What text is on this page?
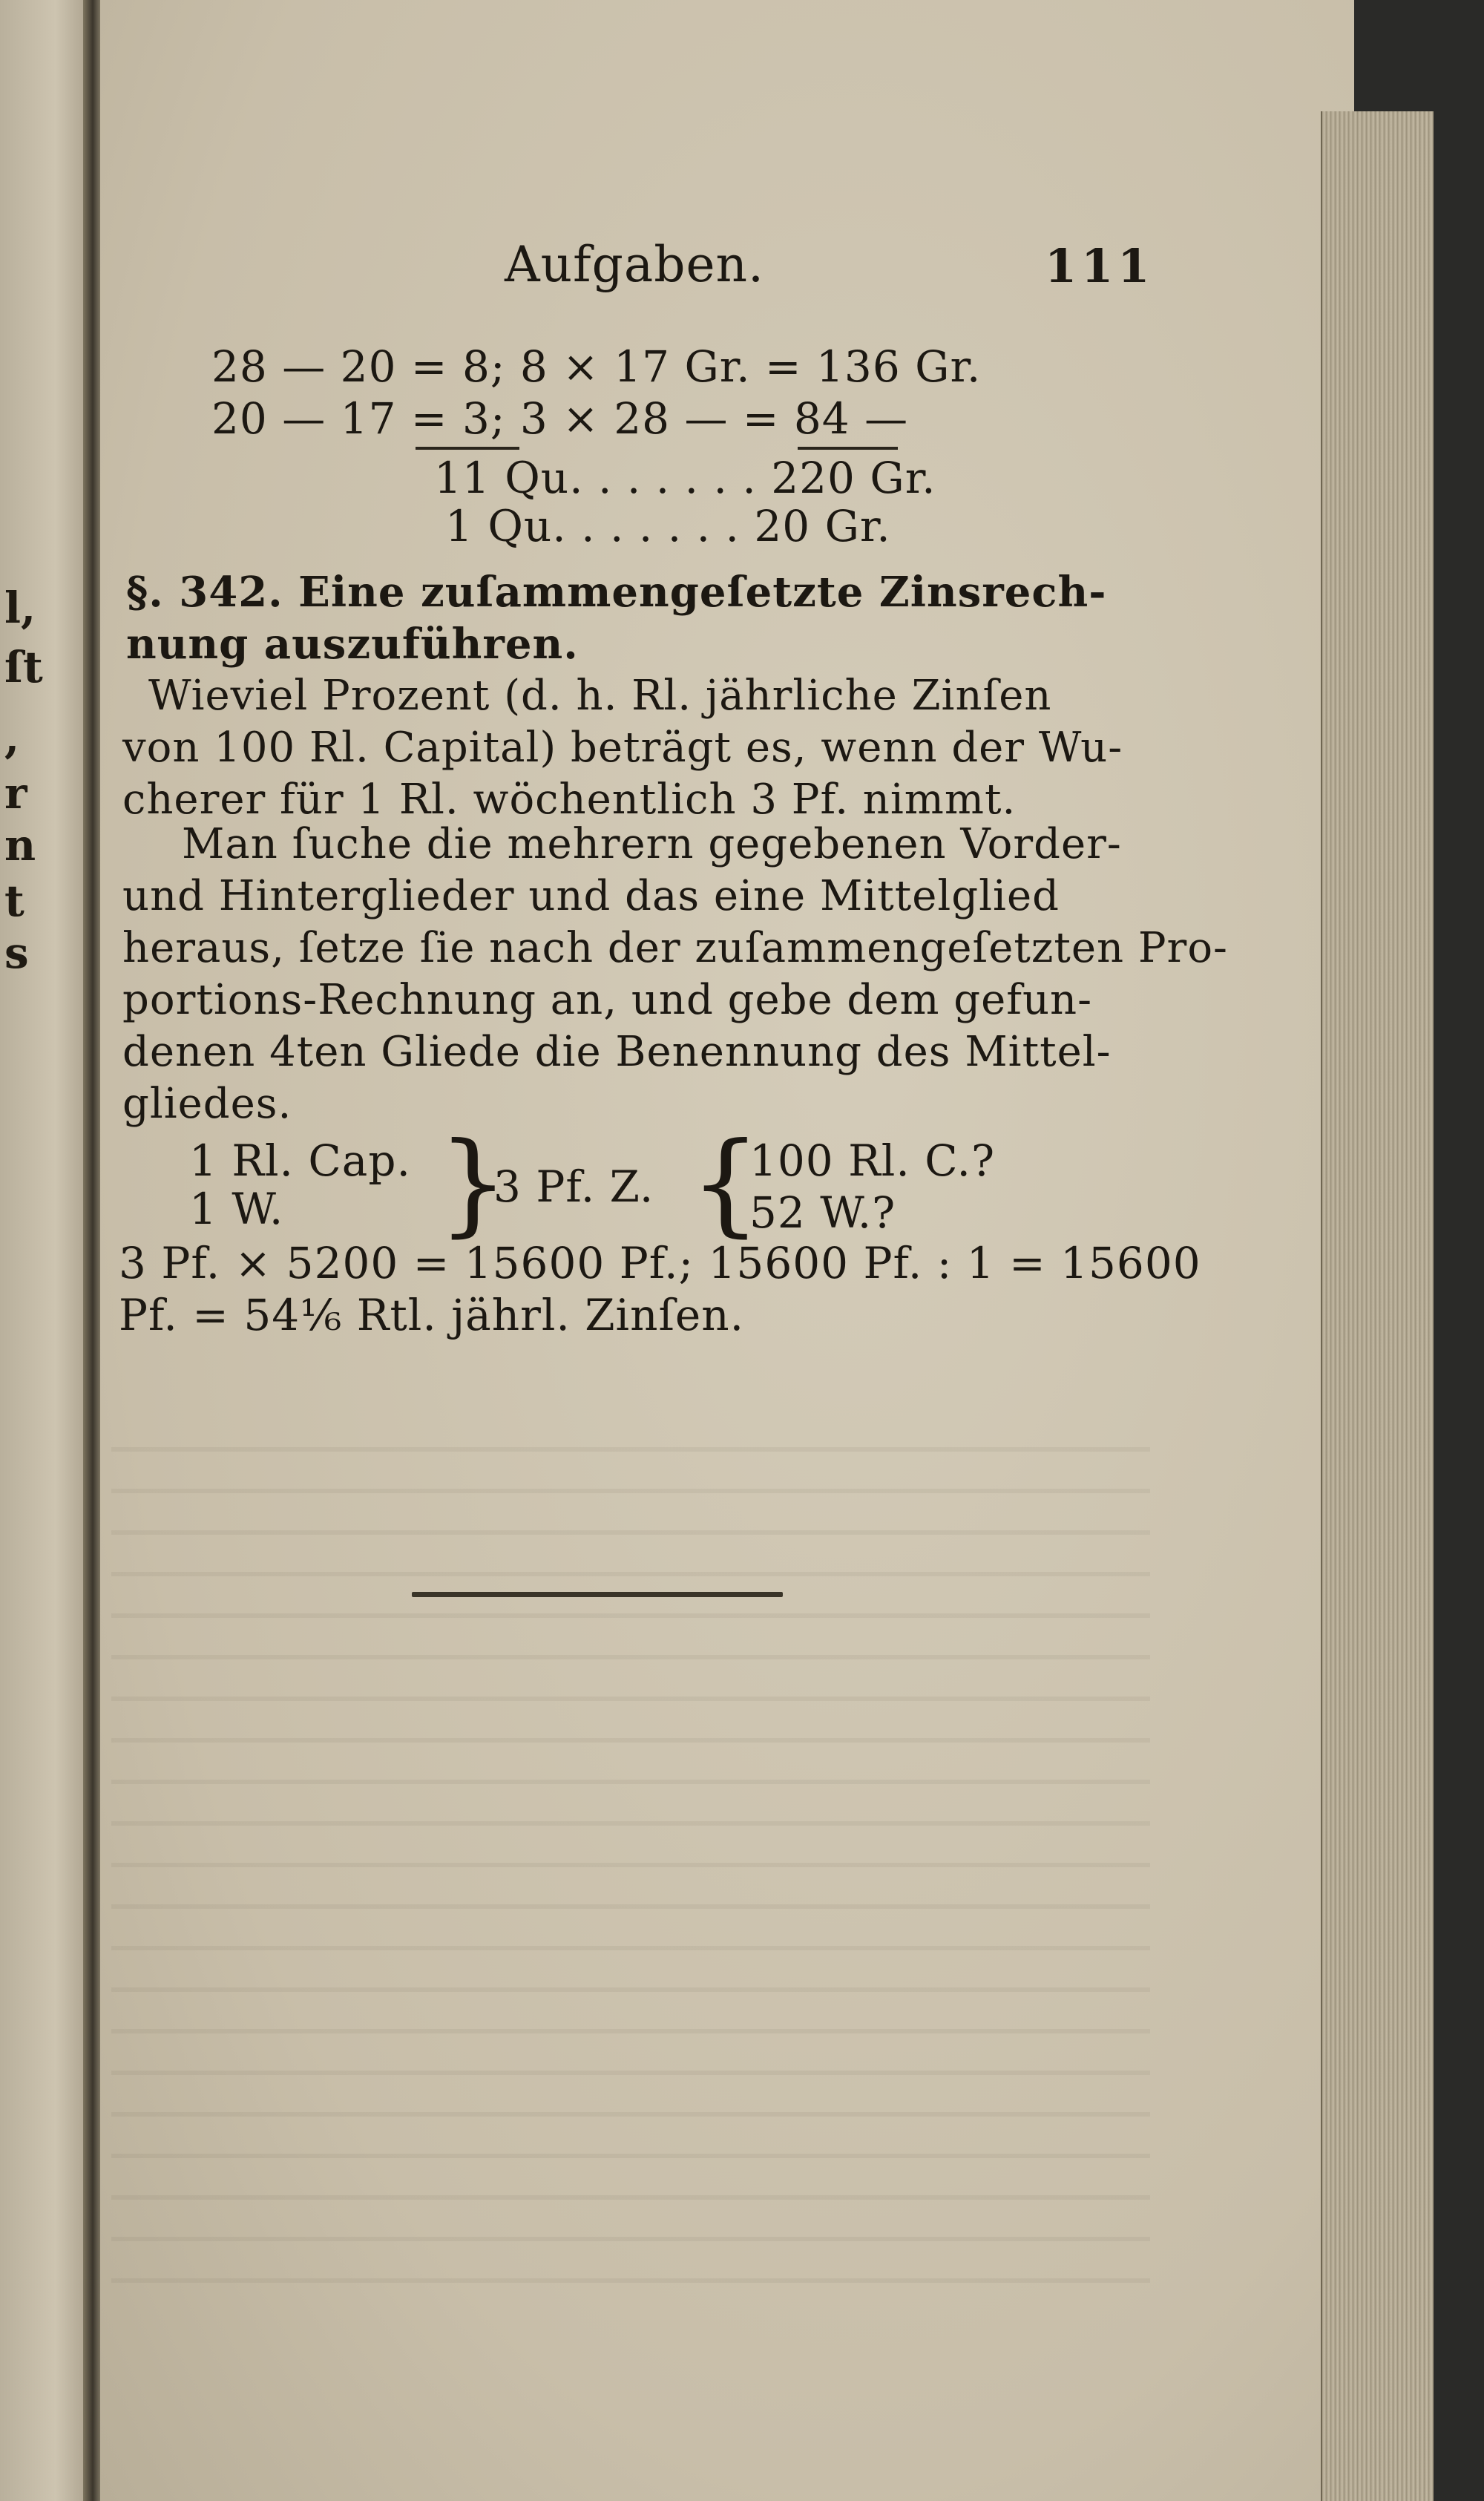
l,
ſt
,
r
n
t
s
Aufgaben.	111
28 — 20 = 8; 8 × 17 Gr. = 136 Gr.
20 — 17 = 3; 3 × 28 — = 84 —
11 Qu. . . . . . . 220 Gr.
1 Qu. . . . . . . 20 Gr.
§. 342. Eine zuſammengeſetzte Zinsrech-
nung auszuführen.
Wieviel Prozent (d. h. Rl. jährliche Zinſen
von 100 Rl. Capital) beträgt es, wenn der Wu-
cherer für 1 Rl. wöchentlich 3 Pf. nimmt.
Man ſuche die mehrern gegebenen Vorder-
und Hinterglieder und das eine Mittelglied
heraus, ſetze ſie nach der zuſammengeſetzten Pro-
portions-Rechnung an, und gebe dem gefun-
denen 4ten Gliede die Benennung des Mittel-
gliedes.
1 Rl. Cap.
1 W. }
3 Pf. Z. {
100 Rl. C.?
52 W.?
3 Pf. × 5200 = 15600 Pf.; 15600 Pf. : 1 = 15600
Pf. = 54⅙ Rtl. jährl. Zinſen.
